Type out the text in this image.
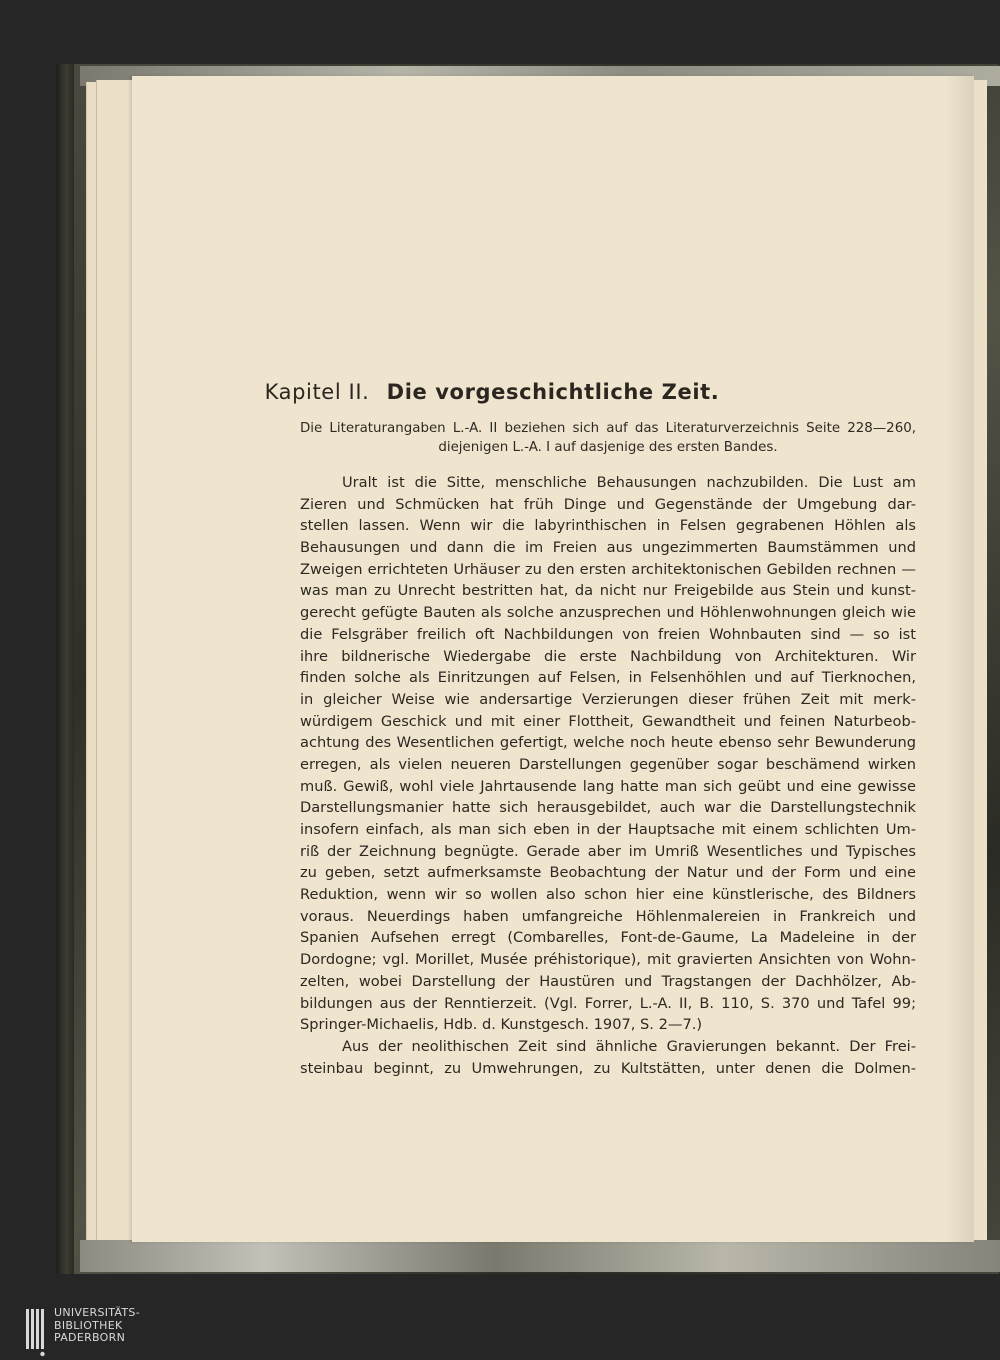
Kapitel II. Die vorgeschichtliche Zeit.
Die Literaturangaben L.-A. II beziehen sich auf das Literaturverzeichnis Seite 228—260,
diejenigen L.-A. I auf dasjenige des ersten Bandes.
Uralt ist die Sitte, menschliche Behausungen nachzubilden. Die Lust am
Zieren und Schmücken hat früh Dinge und Gegenstände der Umgebung dar-
stellen lassen. Wenn wir die labyrinthischen in Felsen gegrabenen Höhlen als
Behausungen und dann die im Freien aus ungezimmerten Baumstämmen und
Zweigen errichteten Urhäuser zu den ersten architektonischen Gebilden rechnen —
was man zu Unrecht bestritten hat, da nicht nur Freigebilde aus Stein und kunst-
gerecht gefügte Bauten als solche anzusprechen und Höhlenwohnungen gleich wie
die Felsgräber freilich oft Nachbildungen von freien Wohnbauten sind — so ist
ihre bildnerische Wiedergabe die erste Nachbildung von Architekturen. Wir
finden solche als Einritzungen auf Felsen, in Felsenhöhlen und auf Tierknochen,
in gleicher Weise wie andersartige Verzierungen dieser frühen Zeit mit merk-
würdigem Geschick und mit einer Flottheit, Gewandtheit und feinen Naturbeob-
achtung des Wesentlichen gefertigt, welche noch heute ebenso sehr Bewunderung
erregen, als vielen neueren Darstellungen gegenüber sogar beschämend wirken
muß. Gewiß, wohl viele Jahrtausende lang hatte man sich geübt und eine gewisse
Darstellungsmanier hatte sich herausgebildet, auch war die Darstellungstechnik
insofern einfach, als man sich eben in der Hauptsache mit einem schlichten Um-
riß der Zeichnung begnügte. Gerade aber im Umriß Wesentliches und Typisches
zu geben, setzt aufmerksamste Beobachtung der Natur und der Form und eine
Reduktion, wenn wir so wollen also schon hier eine künstlerische, des Bildners
voraus. Neuerdings haben umfangreiche Höhlenmalereien in Frankreich und
Spanien Aufsehen erregt (Combarelles, Font-de-Gaume, La Madeleine in der
Dordogne; vgl. Morillet, Musée préhistorique), mit gravierten Ansichten von Wohn-
zelten, wobei Darstellung der Haustüren und Tragstangen der Dachhölzer, Ab-
bildungen aus der Renntierzeit. (Vgl. Forrer, L.-A. II, B. 110, S. 370 und Tafel 99;
Springer-Michaelis, Hdb. d. Kunstgesch. 1907, S. 2—7.)
Aus der neolithischen Zeit sind ähnliche Gravierungen bekannt. Der Frei-
steinbau beginnt, zu Umwehrungen, zu Kultstätten, unter denen die Dolmen-
UNIVERSITÄTS-
BIBLIOTHEK
PADERBORN
